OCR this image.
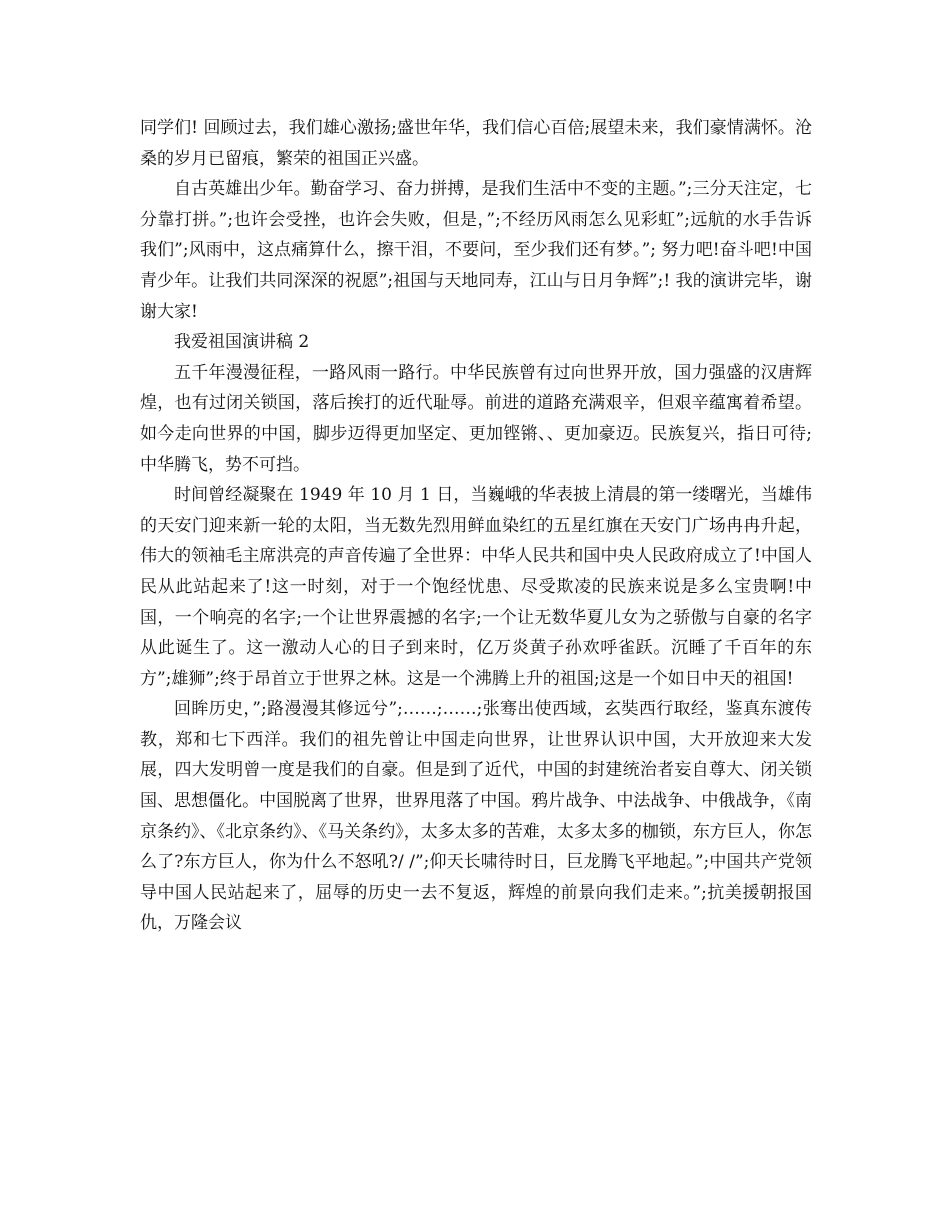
同学们! 回顾过去，我们雄心激扬;盛世年华，我们信心百倍;展望未来，我们豪情满怀。沧桑的岁月已留痕，繁荣的祖国正兴盛。

自古英雄出少年。勤奋学习、奋力拼搏，是我们生活中不变的主题。”;三分天注定，七分靠打拼。”;也许会受挫，也许会失败，但是，”;不经历风雨怎么见彩虹”;远航的水手告诉我们”;风雨中，这点痛算什么，擦干泪，不要问，至少我们还有梦。”; 努力吧!奋斗吧!中国青少年。让我们共同深深的祝愿”;祖国与天地同寿，江山与日月争辉”;! 我的演讲完毕，谢谢大家!

我爱祖国演讲稿 2

五千年漫漫征程，一路风雨一路行。中华民族曾有过向世界开放，国力强盛的汉唐辉煌，也有过闭关锁国，落后挨打的近代耻辱。前进的道路充满艰辛，但艰辛蕴寓着希望。如今走向世界的中国，脚步迈得更加坚定、更加铿锵、、更加豪迈。民族复兴，指日可待;中华腾飞，势不可挡。

时间曾经凝聚在 1949 年 10 月 1 日，当巍峨的华表披上清晨的第一缕曙光，当雄伟的天安门迎来新一轮的太阳，当无数先烈用鲜血染红的五星红旗在天安门广场冉冉升起，伟大的领袖毛主席洪亮的声音传遍了全世界：中华人民共和国中央人民政府成立了!中国人民从此站起来了!这一时刻，对于一个饱经忧患、尽受欺凌的民族来说是多么宝贵啊!中国，一个响亮的名字;一个让世界震撼的名字;一个让无数华夏儿女为之骄傲与自豪的名字从此诞生了。这一激动人心的日子到来时，亿万炎黄子孙欢呼雀跃。沉睡了千百年的东方”;雄狮”;终于昂首立于世界之林。这是一个沸腾上升的祖国;这是一个如日中天的祖国!

回眸历史，”;路漫漫其修远兮”;……;……;张骞出使西域，玄奘西行取经，鉴真东渡传教，郑和七下西洋。我们的祖先曾让中国走向世界，让世界认识中国，大开放迎来大发展，四大发明曾一度是我们的自豪。但是到了近代，中国的封建统治者妄自尊大、闭关锁国、思想僵化。中国脱离了世界，世界甩落了中国。鸦片战争、中法战争、中俄战争，《南京条约》、《北京条约》、《马关条约》，太多太多的苦难，太多太多的枷锁，东方巨人，你怎么了?东方巨人，你为什么不怒吼?/ /”;仰天长啸待时日，巨龙腾飞平地起。”;中国共产党领导中国人民站起来了，屈辱的历史一去不复返，辉煌的前景向我们走来。”;抗美援朝报国仇，万隆会议
